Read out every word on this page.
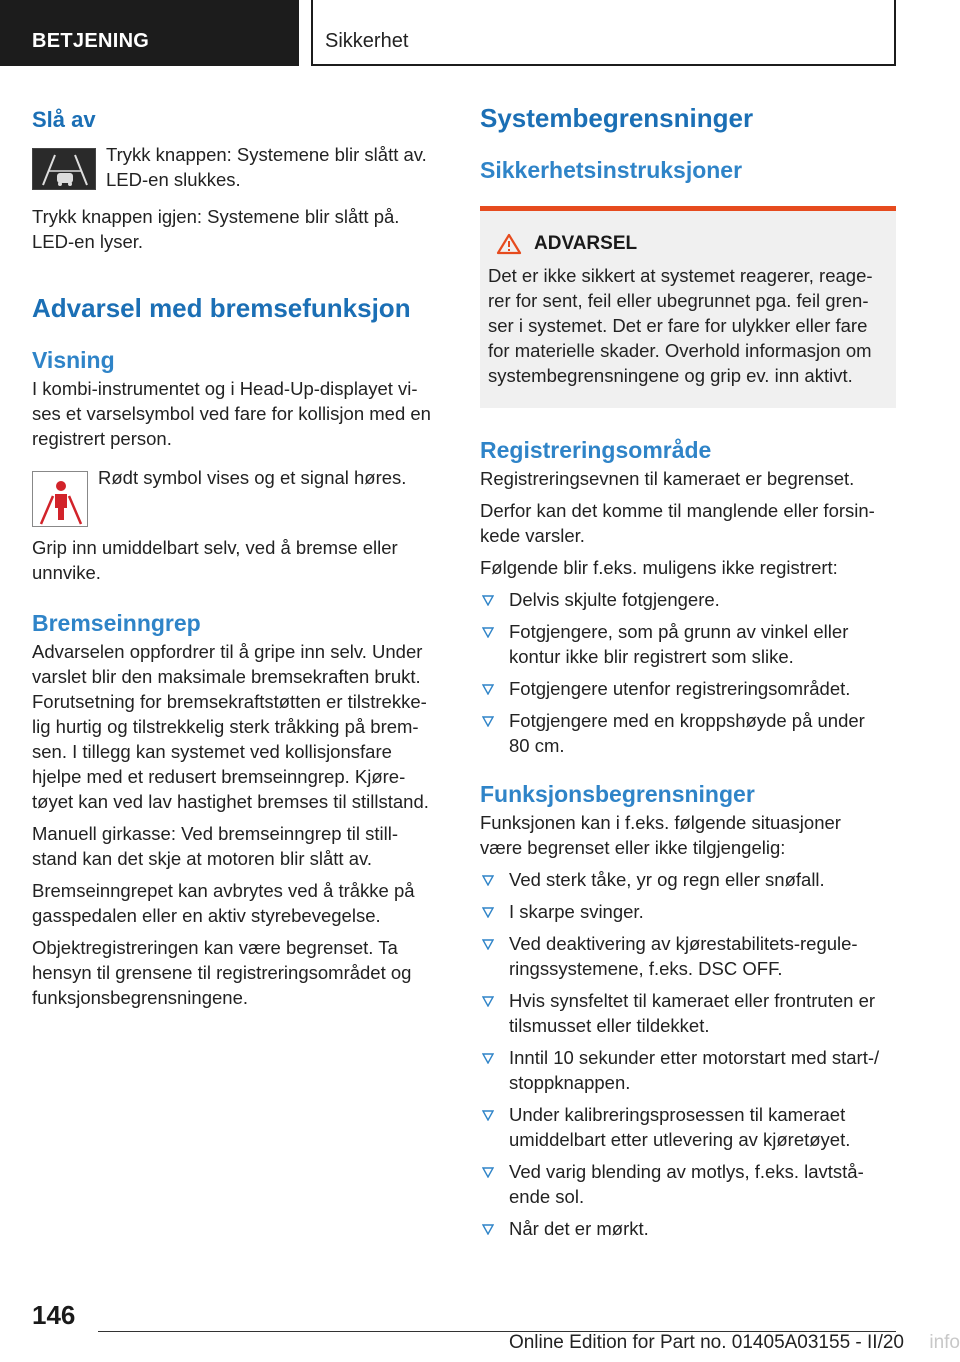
BETJENING	Sikkerhet
Slå av
Trykk knappen: Systemene blir slått av.
LED-en slukkes.
Trykk knappen igjen: Systemene blir slått på.
LED-en lyser.
Advarsel med bremsefunksjon
Visning
I kombi-instrumentet og i Head-Up-displayet vi-
ses et varselsymbol ved fare for kollisjon med en
registrert person.
Rødt symbol vises og et signal høres.
Grip inn umiddelbart selv, ved å bremse eller
unnvike.
Bremseinngrep
Advarselen oppfordrer til å gripe inn selv. Under
varslet blir den maksimale bremsekraften brukt.
Forutsetning for bremsekraftstøtten er tilstrekke-
lig hurtig og tilstrekkelig sterk tråkking på brem-
sen. I tillegg kan systemet ved kollisjonsfare
hjelpe med et redusert bremseinngrep. Kjøre-
tøyet kan ved lav hastighet bremses til stillstand.
Manuell girkasse: Ved bremseinngrep til still-
stand kan det skje at motoren blir slått av.
Bremseinngrepet kan avbrytes ved å tråkke på
gasspedalen eller en aktiv styrebevegelse.
Objektregistreringen kan være begrenset. Ta
hensyn til grensene til registreringsområdet og
funksjonsbegrensningene.
Systembegrensninger
Sikkerhetsinstruksjoner
ADVARSEL
Det er ikke sikkert at systemet reagerer, reage-
rer for sent, feil eller ubegrunnet pga. feil gren-
ser i systemet. Det er fare for ulykker eller fare
for materielle skader. Overhold informasjon om
systembegrensningene og grip ev. inn aktivt.
Registreringsområde
Registreringsevnen til kameraet er begrenset.
Derfor kan det komme til manglende eller forsin-
kede varsler.
Følgende blir f.eks. muligens ikke registrert:
Delvis skjulte fotgjengere.
Fotgjengere, som på grunn av vinkel eller
kontur ikke blir registrert som slike.
Fotgjengere utenfor registreringsområdet.
Fotgjengere med en kroppshøyde på under
80 cm.
Funksjonsbegrensninger
Funksjonen kan i f.eks. følgende situasjoner
være begrenset eller ikke tilgjengelig:
Ved sterk tåke, yr og regn eller snøfall.
I skarpe svinger.
Ved deaktivering av kjørestabilitets-regule-
ringssystemene, f.eks. DSC OFF.
Hvis synsfeltet til kameraet eller frontruten er
tilsmusset eller tildekket.
Inntil 10 sekunder etter motorstart med start-/
stoppknappen.
Under kalibreringsprosessen til kameraet
umiddelbart etter utlevering av kjøretøyet.
Ved varig blending av motlys, f.eks. lavtstå-
ende sol.
Når det er mørkt.
146
Online Edition for Part no. 01405A03155 - II/20 info
